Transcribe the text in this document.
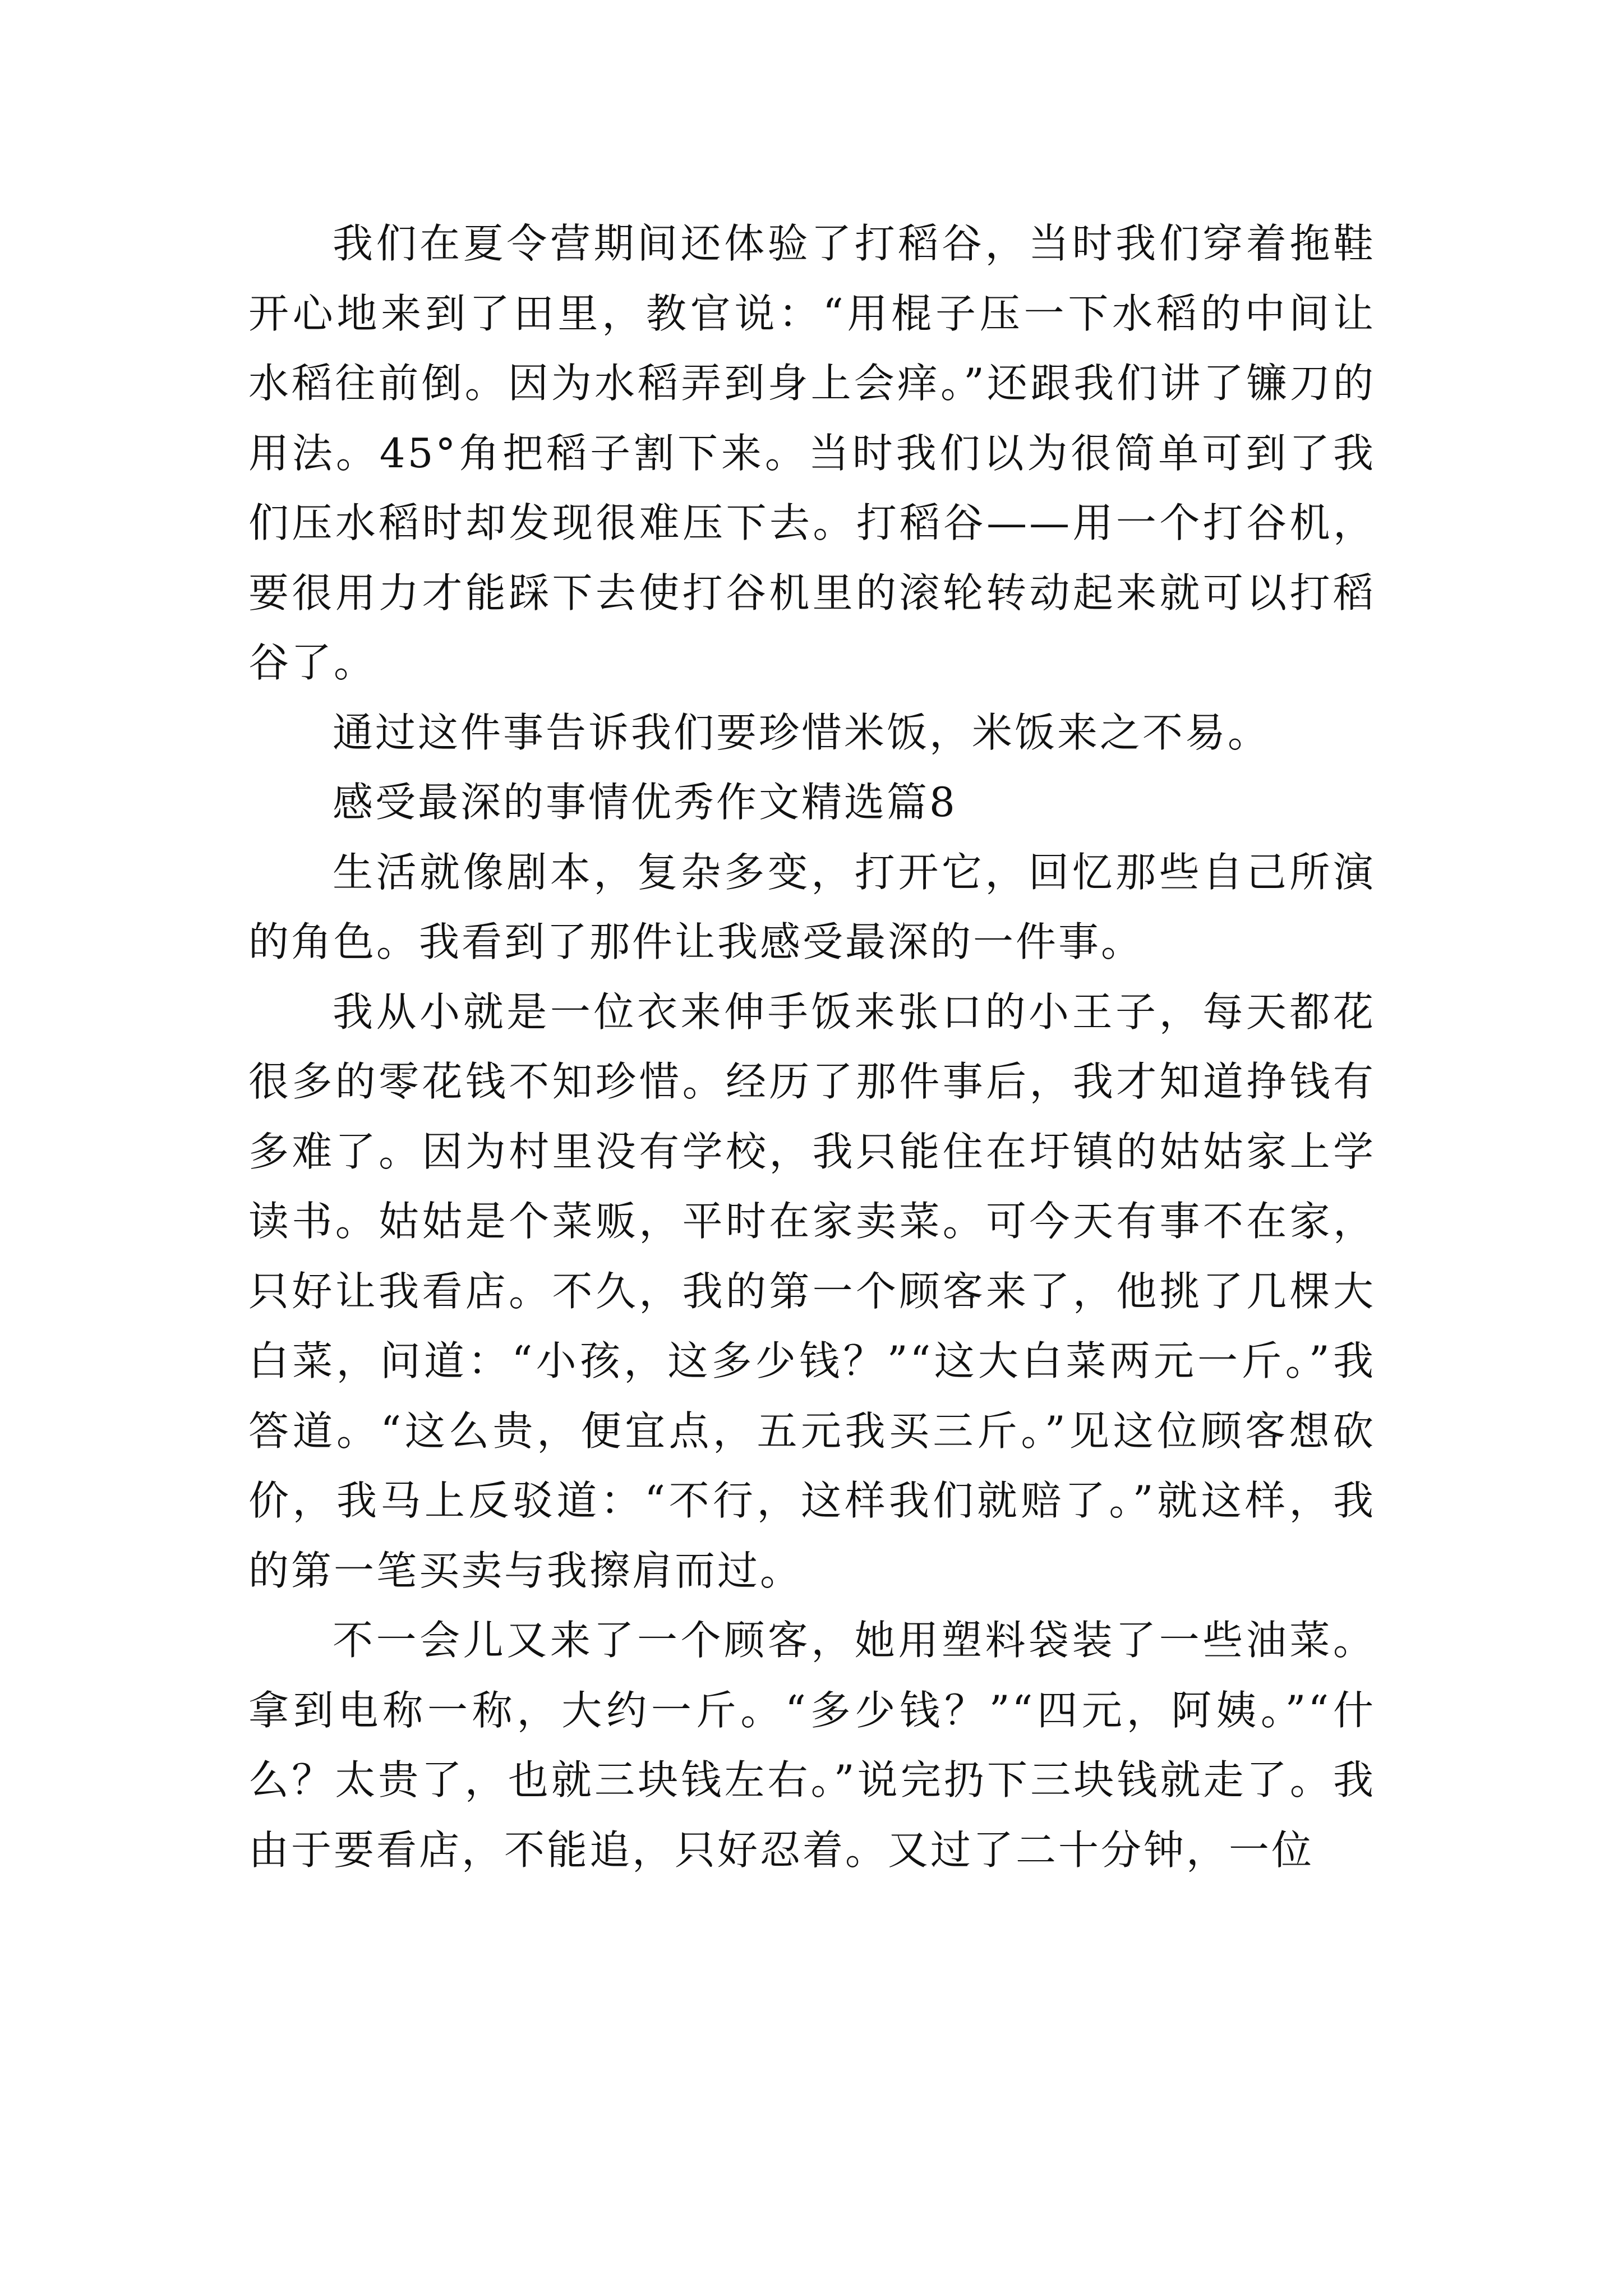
我们在夏令营期间还体验了打稻谷，当时我们穿着拖鞋开心地来到了田里，教官说：“用棍子压一下水稻的中间让水稻往前倒。因为水稻弄到身上会痒。”还跟我们讲了镰刀的用法。45°角把稻子割下来。当时我们以为很简单可到了我们压水稻时却发现很难压下去。打稻谷——用一个打谷机，要很用力才能踩下去使打谷机里的滚轮转动起来就可以打稻谷了。

通过这件事告诉我们要珍惜米饭，米饭来之不易。

感受最深的事情优秀作文精选篇8

生活就像剧本，复杂多变，打开它，回忆那些自己所演的角色。我看到了那件让我感受最深的一件事。

我从小就是一位衣来伸手饭来张口的小王子，每天都花很多的零花钱不知珍惜。经历了那件事后，我才知道挣钱有多难了。因为村里没有学校，我只能住在圩镇的姑姑家上学读书。姑姑是个菜贩，平时在家卖菜。可今天有事不在家，只好让我看店。不久，我的第一个顾客来了，他挑了几棵大白菜，问道：“小孩，这多少钱？”“这大白菜两元一斤。”我答道。“这么贵，便宜点，五元我买三斤。”见这位顾客想砍价，我马上反驳道：“不行，这样我们就赔了。”就这样，我的第一笔买卖与我擦肩而过。

不一会儿又来了一个顾客，她用塑料袋装了一些油菜。拿到电称一称，大约一斤。“多少钱？”“四元，阿姨。”“什么？太贵了，也就三块钱左右。”说完扔下三块钱就走了。我由于要看店，不能追，只好忍着。又过了二十分钟，一位
